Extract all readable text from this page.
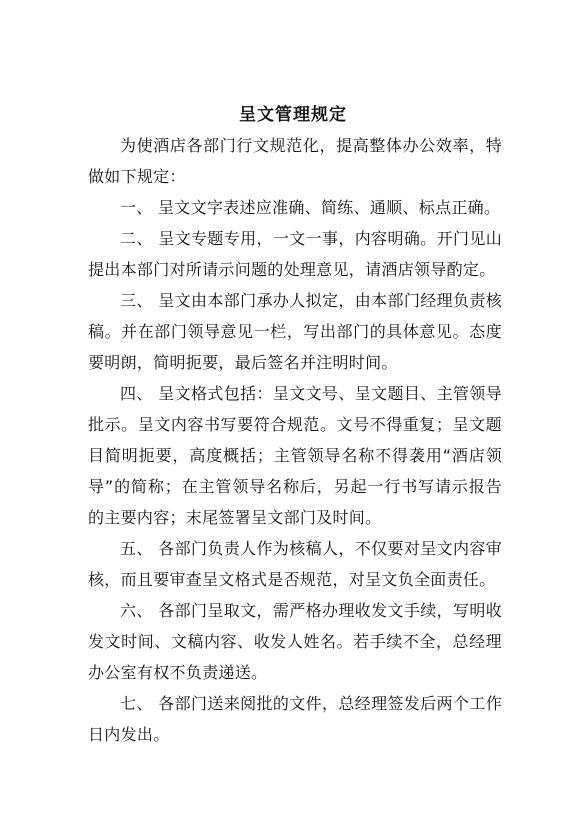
呈文管理规定

为使酒店各部门行文规范化，提高整体办公效率，特做如下规定：

一、 呈文文字表述应准确、简练、通顺、标点正确。

二、 呈文专题专用，一文一事，内容明确。开门见山提出本部门对所请示问题的处理意见，请酒店领导酌定。

三、 呈文由本部门承办人拟定，由本部门经理负责核稿。并在部门领导意见一栏，写出部门的具体意见。态度要明朗，简明扼要，最后签名并注明时间。

四、 呈文格式包括：呈文文号、呈文题目、主管领导批示。呈文内容书写要符合规范。文号不得重复；呈文题目简明扼要，高度概括；主管领导名称不得袭用“酒店领导”的简称；在主管领导名称后，另起一行书写请示报告的主要内容；末尾签署呈文部门及时间。

五、 各部门负责人作为核稿人，不仅要对呈文内容审核，而且要审查呈文格式是否规范，对呈文负全面责任。

六、 各部门呈取文，需严格办理收发文手续，写明收发文时间、文稿内容、收发人姓名。若手续不全，总经理办公室有权不负责递送。

七、 各部门送来阅批的文件，总经理签发后两个工作日内发出。
